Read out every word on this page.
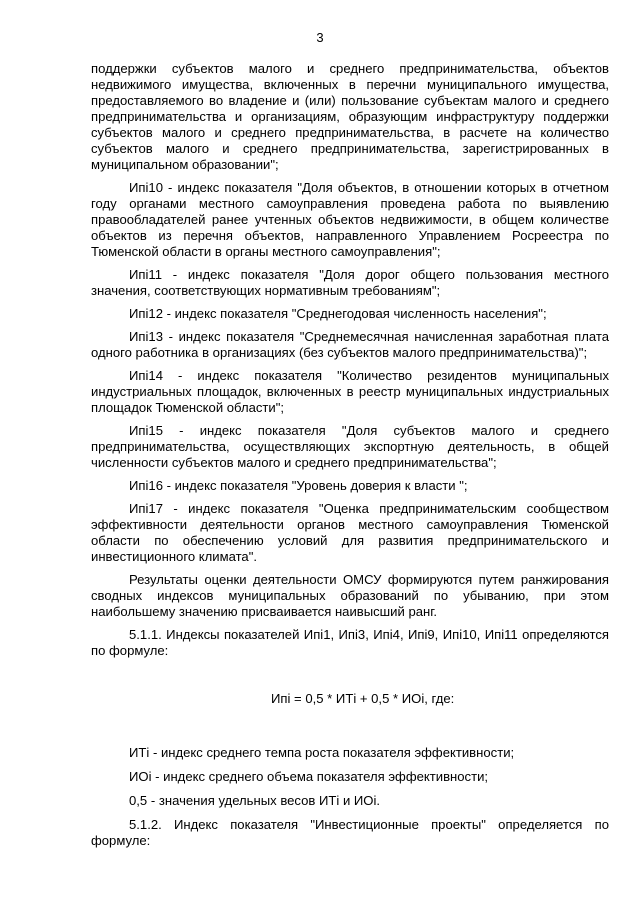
3

поддержки субъектов малого и среднего предпринимательства, объектов недвижимого имущества, включенных в перечни муниципального имущества, предоставляемого во владение и (или) пользование субъектам малого и среднего предпринимательства и организациям, образующим инфраструктуру поддержки субъектов малого и среднего предпринимательства, в расчете на количество субъектов малого и среднего предпринимательства, зарегистрированных в муниципальном образовании";

Ипi10 - индекс показателя "Доля объектов, в отношении которых в отчетном году органами местного самоуправления проведена работа по выявлению правообладателей ранее учтенных объектов недвижимости, в общем количестве объектов из перечня объектов, направленного Управлением Росреестра по Тюменской области в органы местного самоуправления";

Ипi11 - индекс показателя "Доля дорог общего пользования местного значения, соответствующих нормативным требованиям";

Ипi12 - индекс показателя "Среднегодовая численность населения";

Ипi13 - индекс показателя "Среднемесячная начисленная заработная плата одного работника в организациях (без субъектов малого предпринимательства)";

Ипi14 - индекс показателя "Количество резидентов муниципальных индустриальных площадок, включенных в реестр муниципальных индустриальных площадок Тюменской области";

Ипi15 - индекс показателя "Доля субъектов малого и среднего предпринимательства, осуществляющих экспортную деятельность, в общей численности субъектов малого и среднего предпринимательства";

Ипi16 - индекс показателя "Уровень доверия к власти ";

Ипi17 - индекс показателя "Оценка предпринимательским сообществом эффективности деятельности органов местного самоуправления Тюменской области по обеспечению условий для развития предпринимательского и инвестиционного климата".

Результаты оценки деятельности ОМСУ формируются путем ранжирования сводных индексов муниципальных образований по убыванию, при этом наибольшему значению присваивается наивысший ранг.

5.1.1. Индексы показателей Ипi1, Ипi3, Ипi4, Ипi9, Ипi10, Ипi11 определяются по формуле:

Ипi = 0,5 * ИТi + 0,5 * ИОi, где:

ИТi - индекс среднего темпа роста показателя эффективности;

ИОi - индекс среднего объема показателя эффективности;

0,5 - значения удельных весов ИТi и ИОi.

5.1.2. Индекс показателя "Инвестиционные проекты" определяется по формуле:
